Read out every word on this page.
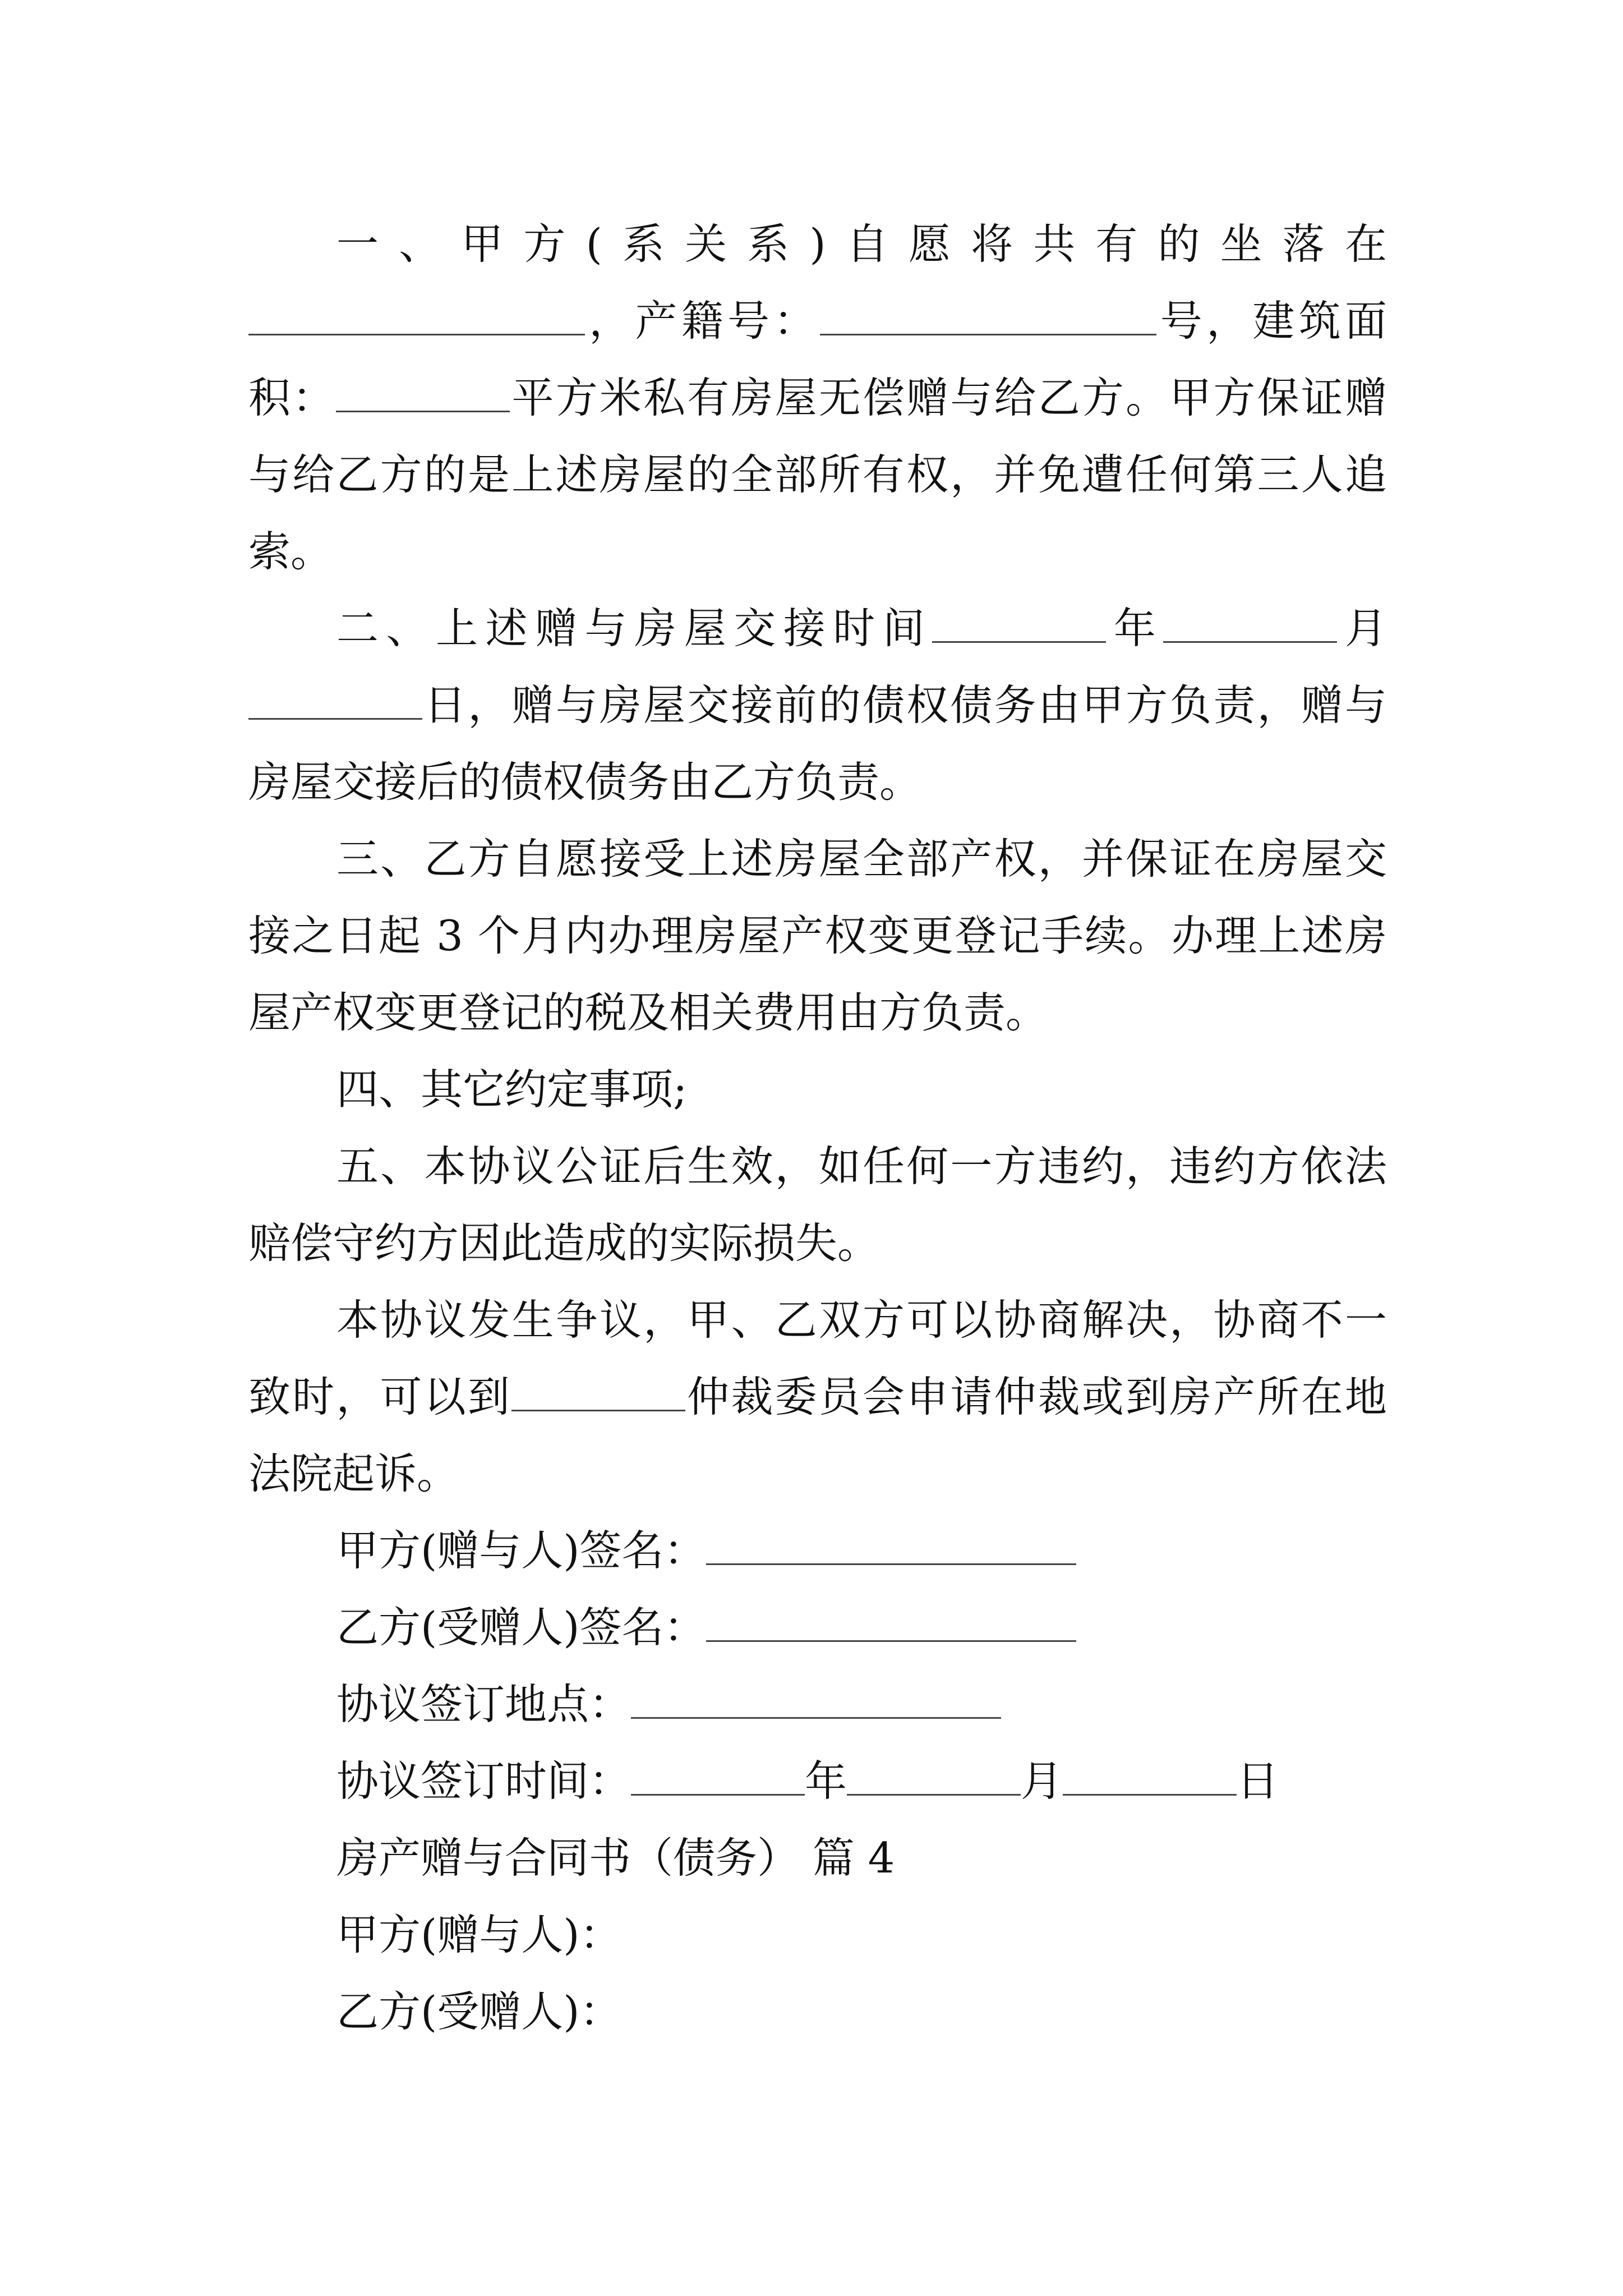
一、甲方(系关系)自愿将共有的坐落在
，产籍号：	号，建筑面
积：	平方米私有房屋无偿赠与给乙方。甲方保证赠
与给乙方的是上述房屋的全部所有权，并免遭任何第三人追
索。
二、上述赠与房屋交接时间	年	月
日，赠与房屋交接前的债权债务由甲方负责，赠与
房屋交接后的债权债务由乙方负责。
三、乙方自愿接受上述房屋全部产权，并保证在房屋交
接之日起 3 个月内办理房屋产权变更登记手续。办理上述房
屋产权变更登记的税及相关费用由方负责。
四、其它约定事项;
五、本协议公证后生效，如任何一方违约，违约方依法
赔偿守约方因此造成的实际损失。
本协议发生争议，甲、乙双方可以协商解决，协商不一
致时，可以到	仲裁委员会申请仲裁或到房产所在地
法院起诉。
甲方(赠与人)签名：
乙方(受赠人)签名：
协议签订地点：
协议签订时间：	年	月	日
房产赠与合同书（债务） 篇 4
甲方(赠与人)：
乙方(受赠人)：
